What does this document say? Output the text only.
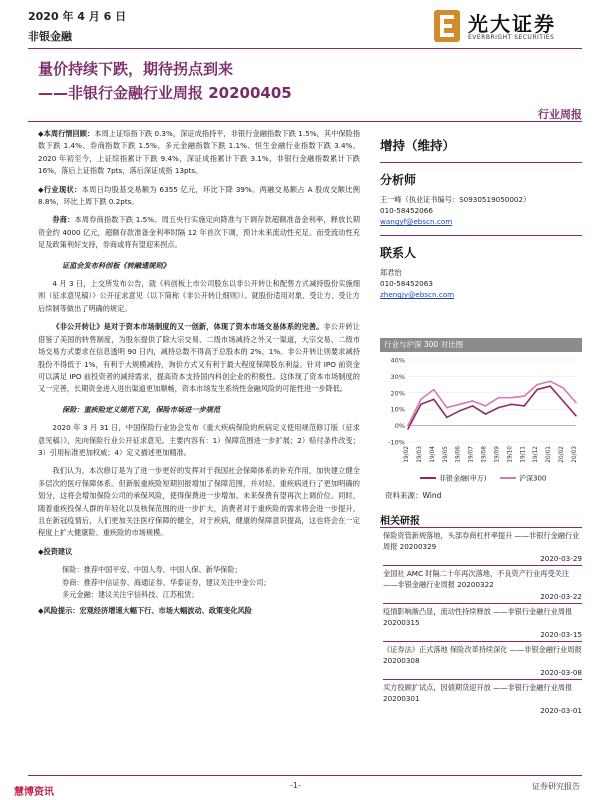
2020 年 4 月 6 日
非银金融
光大证券
EVERBRIGHT SECURITIES
量价持续下跌，期待拐点到来
——非银行金融行业周报 20200405
行业周报

◆本周行情回顾：本周上证综指下跌 0.3%，深证成指持平，非银行金融指数下跌 1.5%，其中保险指数下跌 1.4%、券商指数下跌 1.5%、多元金融指数下跌 1.1%、恒生金融行业指数下跌 3.4%。2020 年初至今，上证综指累计下跌 9.4%，深证成指累计下跌 3.1%，非银行金融指数累计下跌 16%，落后上证指数 7pts，落后深证成指 13pts。

◆行业现状：本周日均股基交易额为 6355 亿元，环比下降 39%。两融交易额占 A 股成交额比例 8.8%，环比上周下跌 0.2pts。

券商：本周券商指数下跌 1.5%。周五央行实施定向降准与下调存款超额准备金利率，释放长期资金约 4000 亿元，超额存款准备金利率时隔 12 年首次下调，预计未来流动性充足。而受流动性充足及政策利好支持，券商或将有望迎来拐点。

证监会发布科创板《转融通规则》

4 月 3 日，上交所发布公告，就《科创板上市公司股东以非公开转让和配售方式减持股份实施细则（征求意见稿）》公开征求意见（以下简称《非公开转让细则》）。就股份适用对象、受让方、受让方后续制等做出了明确的规定。

《非公开转让》是对于资本市场制度的又一创新，体现了资本市场交易体系的完善。非公开转让借鉴了美国的转售制度，为股东提供了除大宗交易、二级市场减持之外又一渠道，大宗交易、二级市场交易方式要求在信息透明 90 日内，减持总数不得高于总股本的 2%、1%。非公开转让则要求减持股份不得低于 1%，有利于大规模减持，询价方式又有利于最大程度保障股东利益。针对 IPO 前资金可以满足 IPO 前投资者的减持需求，提高资本支持国内科创企业的积极性。这体现了资本市场制度的又一完善，长期资金进入进出渠道更加顺畅，资本市场发生系统性金融风险的可能性进一步降低。

保险：重疾险定义规范下发，保险市场进一步规范

2020 年 3 月 31 日，中国保险行业协会发布《重大疾病保险的疾病定义使用规范修订版（征求意见稿）》，先向保险行业公开征求意见。主要内容有：1）保障范围进一步扩展；2）赔付条件改变；3）引用标准更加权威；4）定义描述更加精准。

我们认为，本次修订是为了进一步更好的发挥对于我国社会保障体系的补充作用，加快建立健全多层次的医疗保障体系。但新版重疾险短期回报增加了保障范围，并对轻、重疾病进行了更加明确的划分，这将会增加保险公司的承保风险，使得保费进一步增加。未来保费有望再次上调价位。同时，随着重疾投保人群的年轻化以及核保范围的进一步扩大，消费者对于重疾险的需求将会进一步提升。且在新冠疫情后，人们更加关注医疗保障的健全，对于疾病，健康的保障意识提高，这也将会在一定程度上扩大健康险、重疾险的市场规模。

◆投资建议

保险：推荐中国平安、中国人寿、中国人保、新华保险；
券商：推荐中信证券、海通证券、华泰证券，建议关注中金公司；
多元金融：建议关注宇信科技、江苏租赁；

◆风险提示：宏观经济增速大幅下行、市场大幅波动、政策变化风险

增持（维持）
分析师
王一峰（执业证书编号：S0930519050002）
010-58452066
wangyf@ebscn.com
联系人
郑君怡
010-58452063
zhengjy@ebscn.com
行业与沪深 300 对比图
40%
30%
20%
10%
0%
-10%
19/02 19/03 19/04 19/05 19/06 19/07 19/08 19/09 19/10 19/11 19/12 20/01 20/02 20/03
非银金融(申万)	沪深300
资料来源：Wind
相关研报
保险资管新规落地，头部券商杠杆率提升 ——非银行金融行业周报 20200329
2020-03-29
金国社 AMC 时隔二十年再次落地，不良资产行业再受关注 ——非银金融行业周报 20200322
2020-03-22
疫情影响渐凸显，流动性持续释放 ——非银行金融行业周报 20200315
2020-03-15
《证券法》正式落地 保险改革持续深化 ——非银金融行业周报 20200308
2020-03-08
买方投顾扩试点，因债期货迎开放 ——非银行金融行业周报 20200301
2020-03-01
慧博资讯
-1-	证券研究报告
